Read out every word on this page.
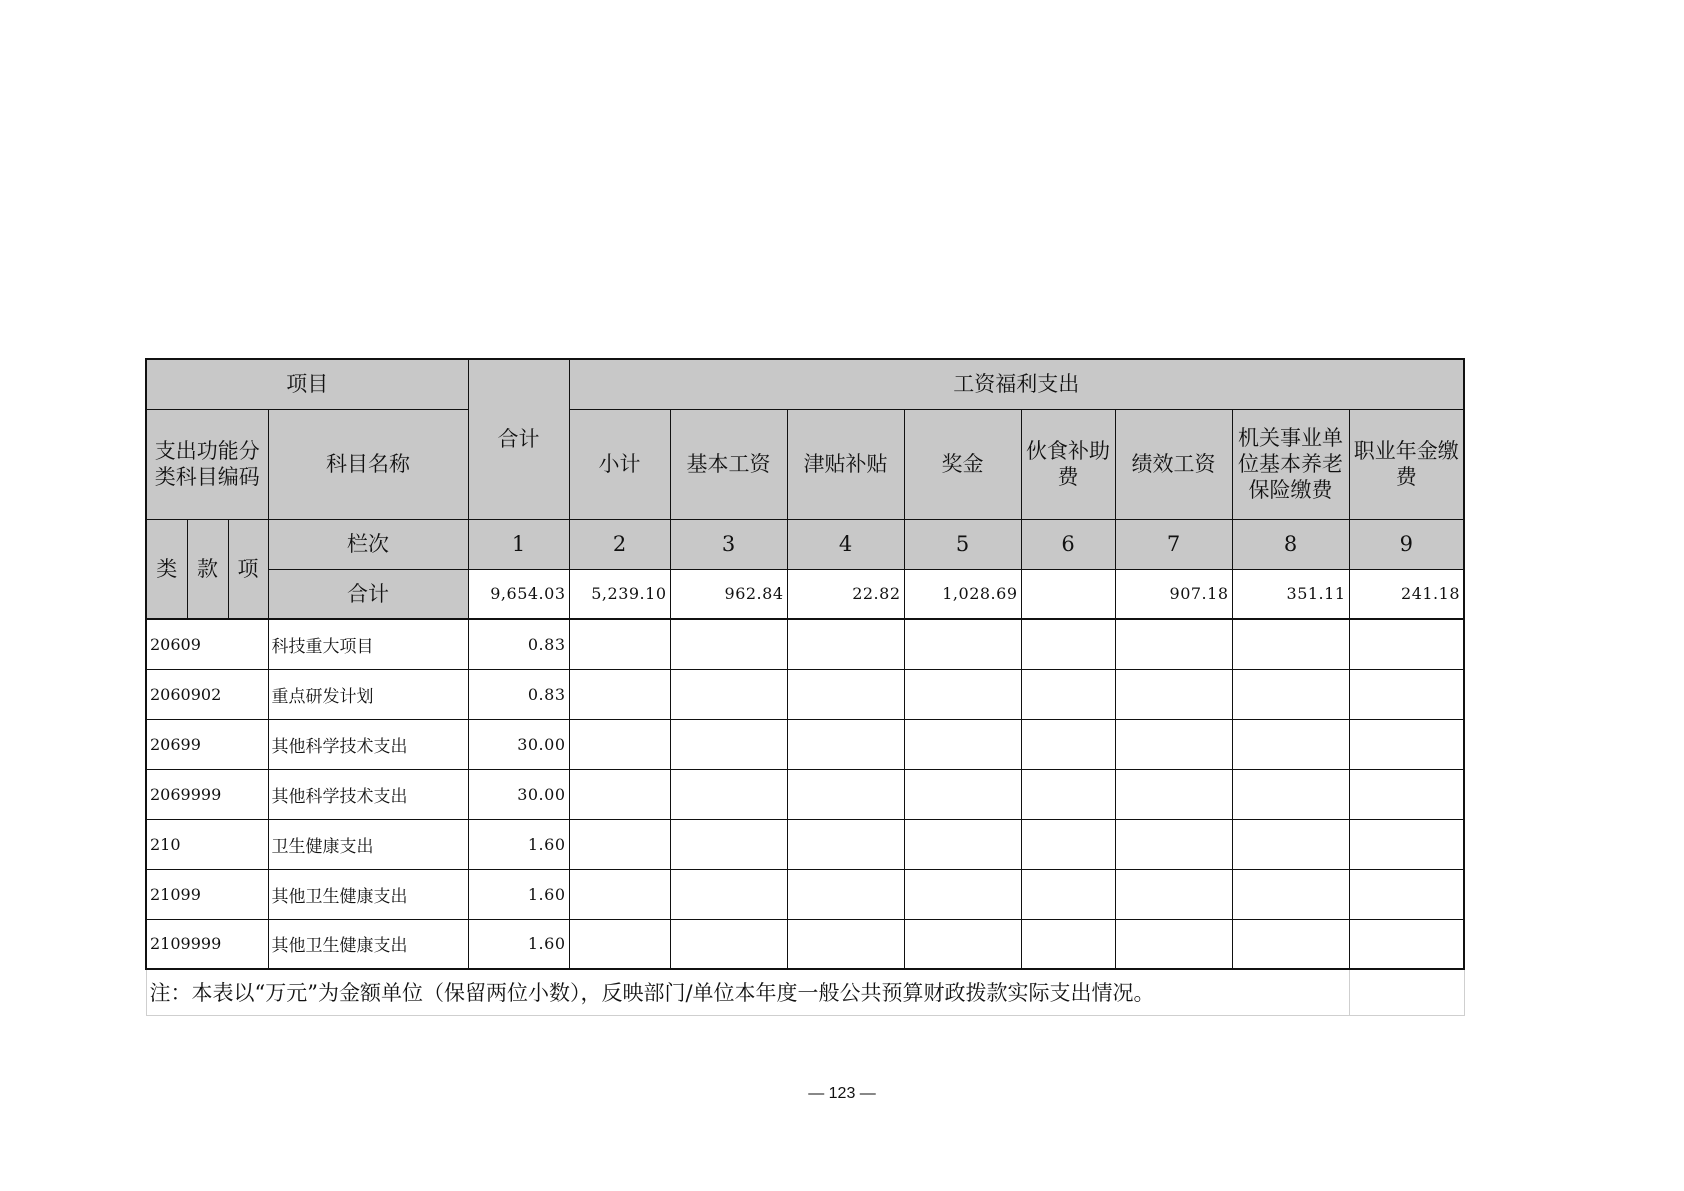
项目				合计	工资福利支出							
支出功能分类科目编码			科目名称		小计	基本工资	津贴补贴	奖金	伙食补助费	绩效工资	机关事业单位基本养老保险缴费	职业年金缴费
类	款	项	栏次	1	2	3	4	5	6	7	8	9
			合计	9,654.03	5,239.10	962.84	22.82	1,028.69		907.18	351.11	241.18
20609			科技重大项目	0.83								
2060902			重点研发计划	0.83								
20699			其他科学技术支出	30.00								
2069999			其他科学技术支出	30.00								
210			卫生健康支出	1.60								
21099			其他卫生健康支出	1.60								
2109999			其他卫生健康支出	1.60								
注：本表以“万元”为金额单位（保留两位小数），反映部门/单位本年度一般公共预算财政拨款实际支出情况。												
— 123 —
